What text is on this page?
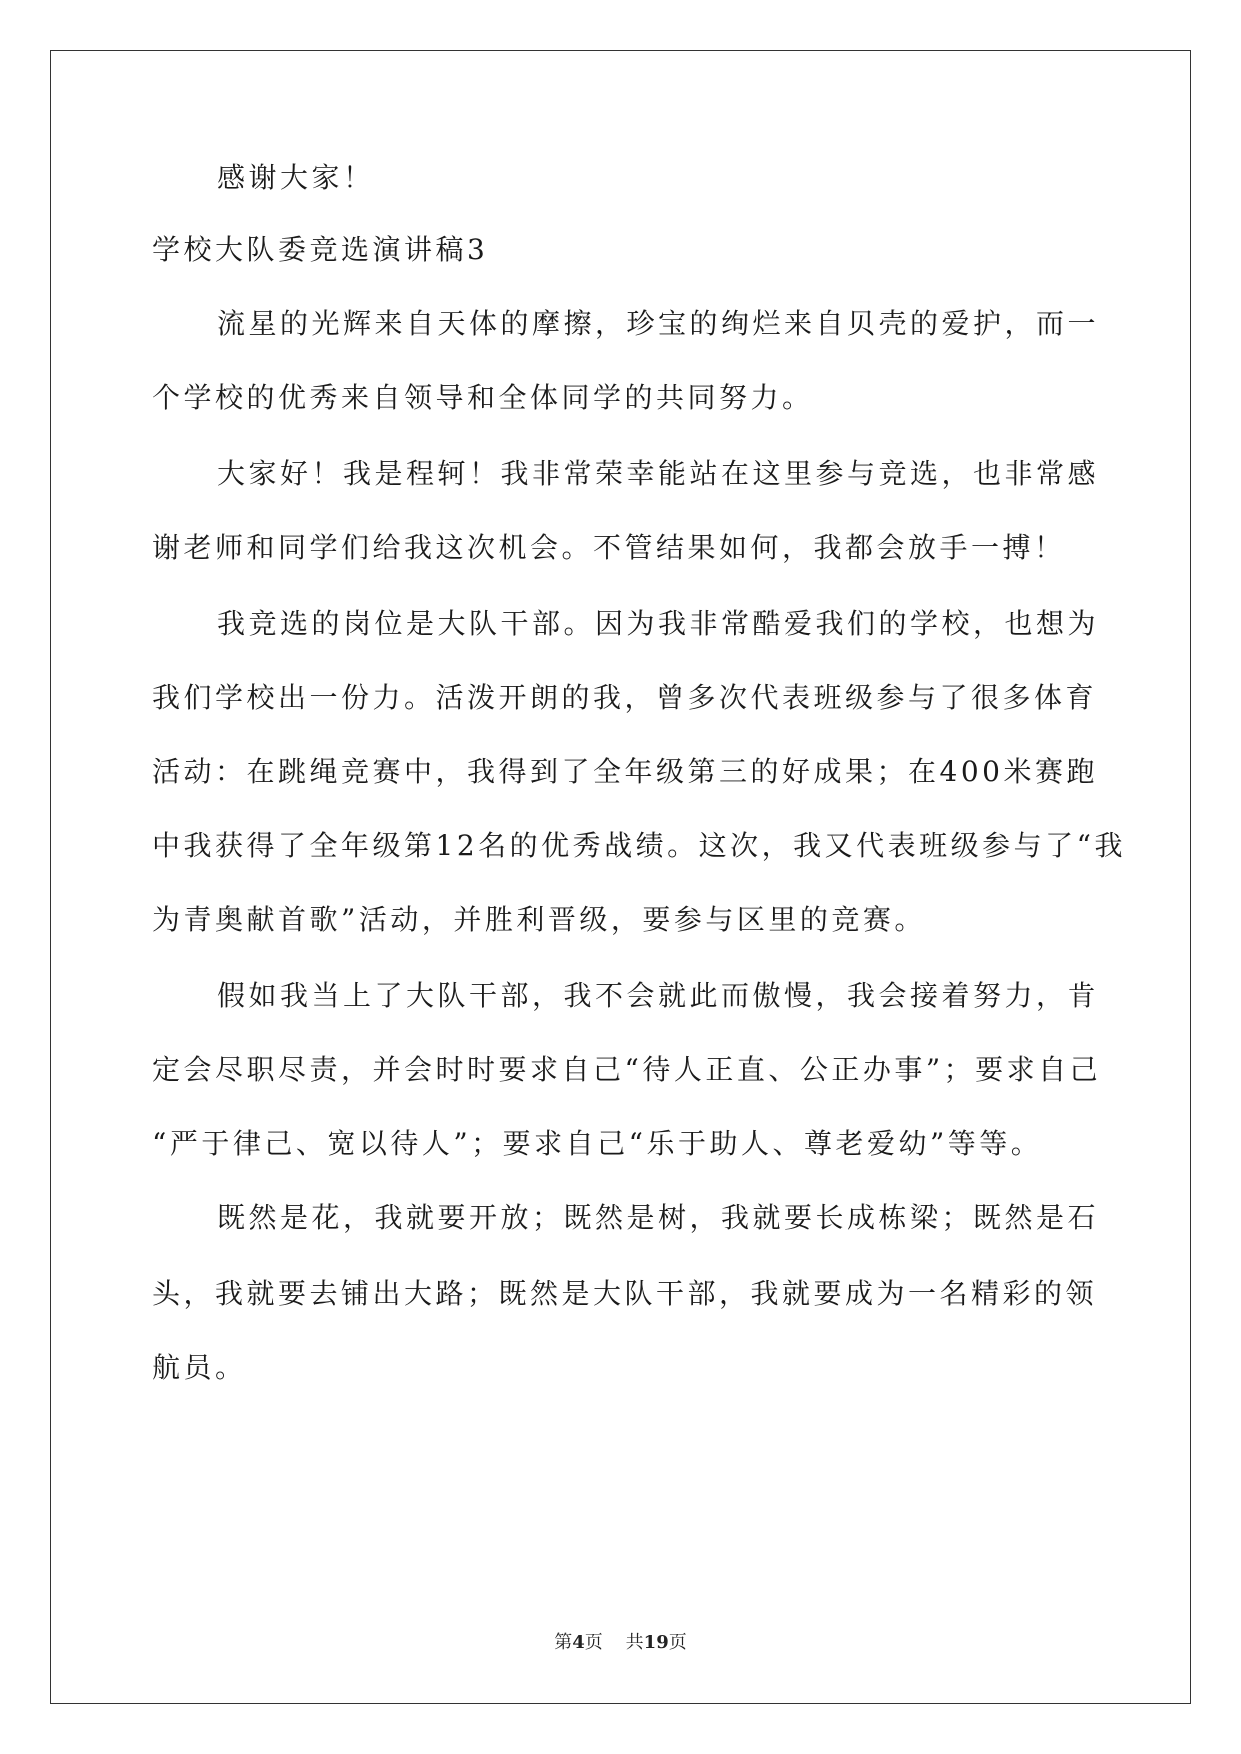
感谢大家！
学校大队委竞选演讲稿3
流星的光辉来自天体的摩擦，珍宝的绚烂来自贝壳的爱护，而一
个学校的优秀来自领导和全体同学的共同努力。
大家好！我是程轲！我非常荣幸能站在这里参与竞选，也非常感
谢老师和同学们给我这次机会。不管结果如何，我都会放手一搏！
我竞选的岗位是大队干部。因为我非常酷爱我们的学校，也想为
我们学校出一份力。活泼开朗的我，曾多次代表班级参与了很多体育
活动：在跳绳竞赛中，我得到了全年级第三的好成果；在400米赛跑
中我获得了全年级第12名的优秀战绩。这次，我又代表班级参与了“我
为青奥献首歌”活动，并胜利晋级，要参与区里的竞赛。
假如我当上了大队干部，我不会就此而傲慢，我会接着努力，肯
定会尽职尽责，并会时时要求自己“待人正直、公正办事”；要求自己
“严于律己、宽以待人”；要求自己“乐于助人、尊老爱幼”等等。
既然是花，我就要开放；既然是树，我就要长成栋梁；既然是石
头，我就要去铺出大路；既然是大队干部，我就要成为一名精彩的领
航员。
第4页 共19页
